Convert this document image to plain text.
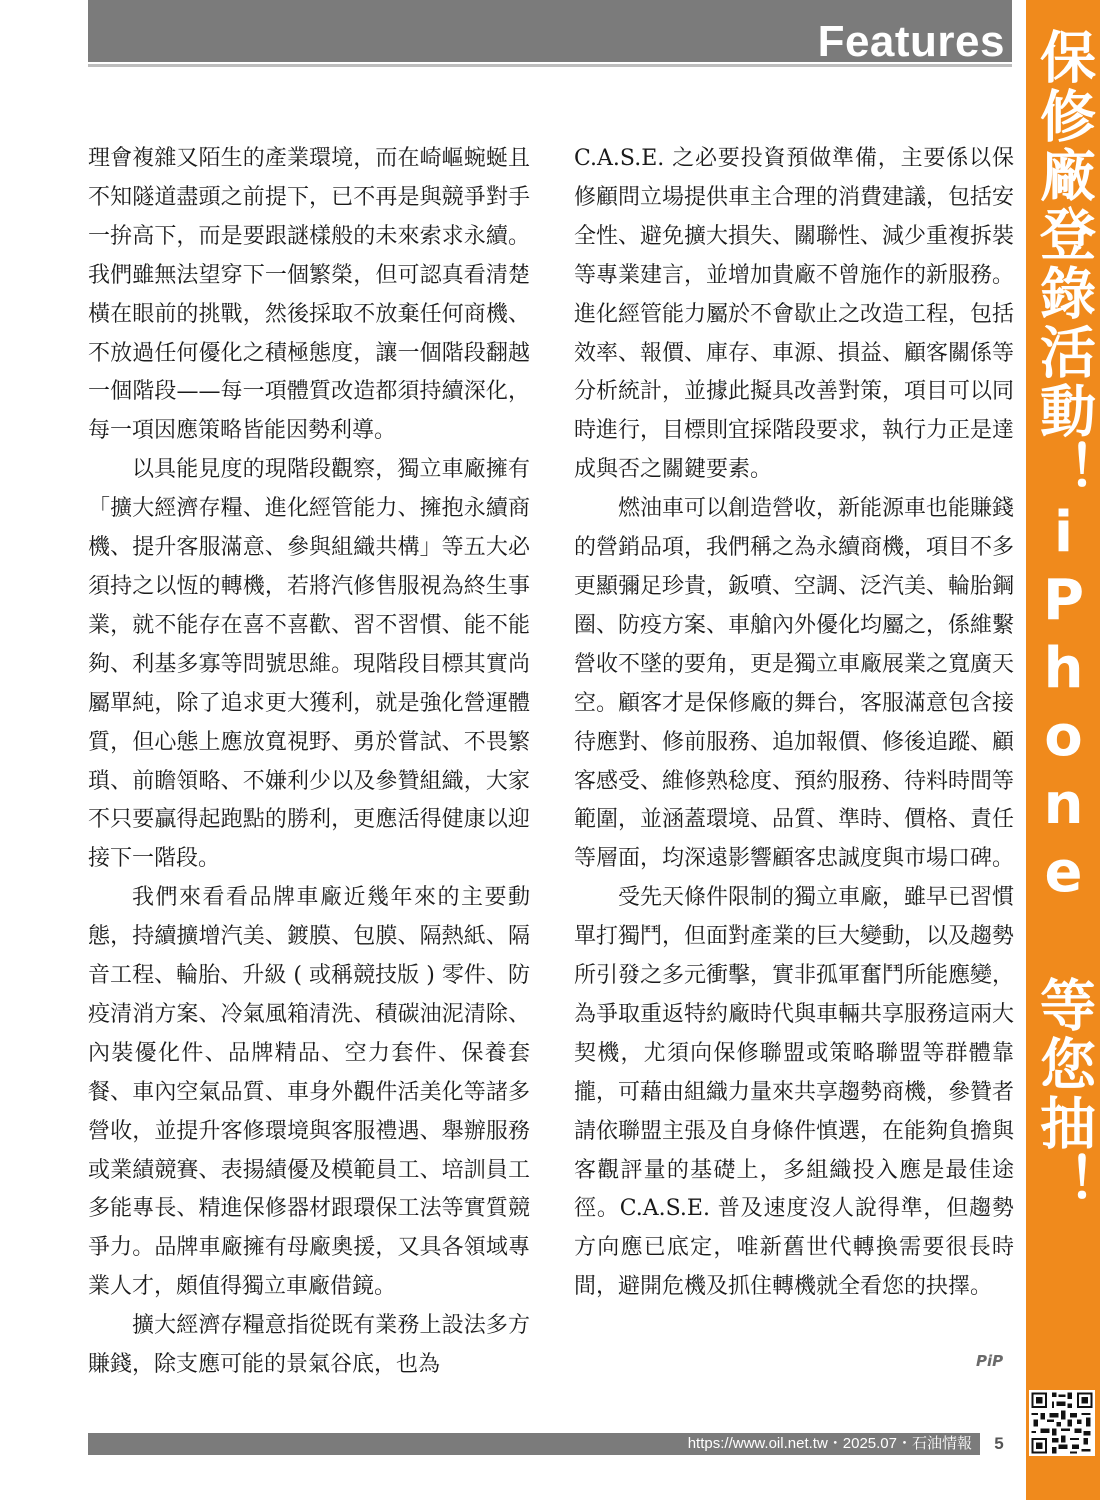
Features

理會複雜又陌生的產業環境，而在崎嶇蜿蜒且不知隧道盡頭之前提下，已不再是與競爭對手一拚高下，而是要跟謎樣般的未來索求永續。我們雖無法望穿下一個繁榮，但可認真看清楚橫在眼前的挑戰，然後採取不放棄任何商機、不放過任何優化之積極態度，讓一個階段翻越一個階段——每一項體質改造都須持續深化，每一項因應策略皆能因勢利導。

以具能見度的現階段觀察，獨立車廠擁有「擴大經濟存糧、進化經管能力、擁抱永續商機、提升客服滿意、參與組織共構」等五大必須持之以恆的轉機，若將汽修售服視為終生事業，就不能存在喜不喜歡、習不習慣、能不能夠、利基多寡等問號思維。現階段目標其實尚屬單純，除了追求更大獲利，就是強化營運體質，但心態上應放寬視野、勇於嘗試、不畏繁瑣、前瞻領略、不嫌利少以及參贊組織，大家不只要贏得起跑點的勝利，更應活得健康以迎接下一階段。

我們來看看品牌車廠近幾年來的主要動態，持續擴增汽美、鍍膜、包膜、隔熱紙、隔音工程、輪胎、升級 ( 或稱競技版 ) 零件、防疫清消方案、冷氣風箱清洗、積碳油泥清除、內裝優化件、品牌精品、空力套件、保養套餐、車內空氣品質、車身外觀件活美化等諸多營收，並提升客修環境與客服禮遇、舉辦服務或業績競賽、表揚績優及模範員工、培訓員工多能專長、精進保修器材跟環保工法等實質競爭力。品牌車廠擁有母廠奧援，又具各領域專業人才，頗值得獨立車廠借鏡。

擴大經濟存糧意指從既有業務上設法多方賺錢，除支應可能的景氣谷底，也為

C.A.S.E. 之必要投資預做準備，主要係以保修顧問立場提供車主合理的消費建議，包括安全性、避免擴大損失、關聯性、減少重複拆裝等專業建言，並增加貴廠不曾施作的新服務。進化經管能力屬於不會歇止之改造工程，包括效率、報價、庫存、車源、損益、顧客關係等分析統計，並據此擬具改善對策，項目可以同時進行，目標則宜採階段要求，執行力正是達成與否之關鍵要素。

燃油車可以創造營收，新能源車也能賺錢的營銷品項，我們稱之為永續商機，項目不多更顯彌足珍貴，鈑噴、空調、泛汽美、輪胎鋼圈、防疫方案、車艙內外優化均屬之，係維繫營收不墜的要角，更是獨立車廠展業之寬廣天空。顧客才是保修廠的舞台，客服滿意包含接待應對、修前服務、追加報價、修後追蹤、顧客感受、維修熟稔度、預約服務、待料時間等範圍，並涵蓋環境、品質、準時、價格、責任等層面，均深遠影響顧客忠誠度與市場口碑。

受先天條件限制的獨立車廠，雖早已習慣單打獨鬥，但面對產業的巨大變動，以及趨勢所引發之多元衝擊，實非孤軍奮鬥所能應變，為爭取重返特約廠時代與車輛共享服務這兩大契機，尤須向保修聯盟或策略聯盟等群體靠攏，可藉由組織力量來共享趨勢商機，參贊者請依聯盟主張及自身條件慎選，在能夠負擔與客觀評量的基礎上，多組織投入應是最佳途徑。C.A.S.E. 普及速度沒人說得準，但趨勢方向應已底定，唯新舊世代轉換需要很長時間，避開危機及抓住轉機就全看您的抉擇。

PiP
保修廠登錄活動！iPhone 等您抽！
https://www.oil.net.tw・2025.07・石油情報	5
